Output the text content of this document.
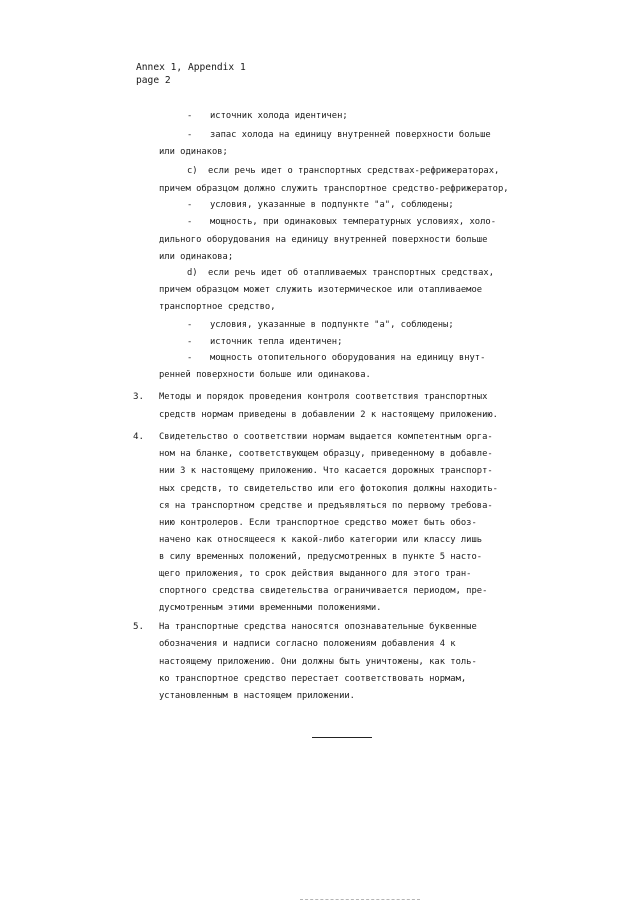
Annex 1, Appendix 1
page 2
- источник холода идентичен;
- запас холода на единицу внутренней поверхности больше
или одинаков;
c) если речь идет о транспортных средствах-рефрижераторах,
причем образцом должно служить транспортное средство-рефрижератор,
- условия, указанные в подпункте "а", соблюдены;
- мощность, при одинаковых температурных условиях, холо-
дильного оборудования на единицу внутренней поверхности больше
или одинакова;
d) если речь идет об отапливаемых транспортных средствах,
причем образцом может служить изотермическое или отапливаемое
транспортное средство,
- условия, указанные в подпункте "а", соблюдены;
- источник тепла идентичен;
- мощность отопительного оборудования на единицу внут-
ренней поверхности больше или одинакова.
3. Методы и порядок проведения контроля соответствия транспортных
средств нормам приведены в добавлении 2 к настоящему приложению.
4. Свидетельство о соответствии нормам выдается компетентным орга-
ном на бланке, соответствующем образцу, приведенному в добавле-
нии 3 к настоящему приложению. Что касается дорожных транспорт-
ных средств, то свидетельство или его фотокопия должны находить-
ся на транспортном средстве и предъявляться по первому требова-
нию контролеров. Если транспортное средство может быть обоз-
начено как относящееся к какой-либо категории или классу лишь
в силу временных положений, предусмотренных в пункте 5 насто-
щего приложения, то срок действия выданного для этого тран-
спортного средства свидетельства ограничивается периодом, пре-
дусмотренным этими временными положениями.
5. На транспортные средства наносятся опознавательные буквенные
обозначения и надписи согласно положениям добавления 4 к
настоящему приложению. Они должны быть уничтожены, как толь-
ко транспортное средство перестает соответствовать нормам,
установленным в настоящем приложении.
